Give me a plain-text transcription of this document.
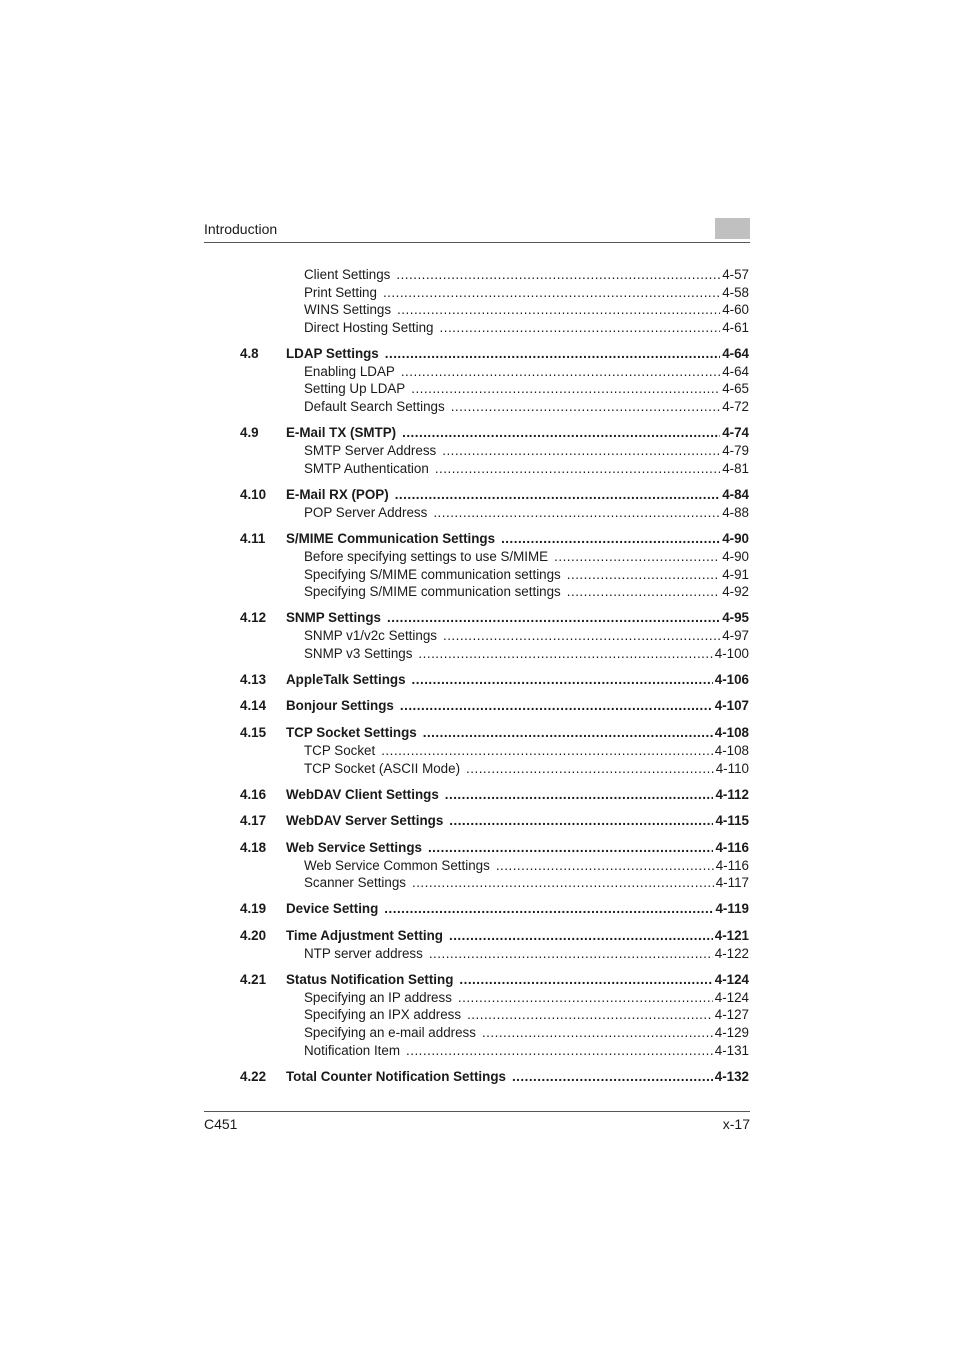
Introduction
Client Settings .....	4-57
Print Setting .....	4-58
WINS Settings .....	4-60
Direct Hosting Setting .....	4-61
4.8	LDAP Settings .....	4-64
Enabling LDAP .....	4-64
Setting Up LDAP .....	4-65
Default Search Settings .....	4-72
4.9	E-Mail TX (SMTP) .....	4-74
SMTP Server Address .....	4-79
SMTP Authentication .....	4-81
4.10	E-Mail RX (POP) .....	4-84
POP Server Address .....	4-88
4.11	S/MIME Communication Settings .....	4-90
Before specifying settings to use S/MIME .....	4-90
Specifying S/MIME communication settings .....	4-91
Specifying S/MIME communication settings .....	4-92
4.12	SNMP Settings .....	4-95
SNMP v1/v2c Settings .....	4-97
SNMP v3 Settings .....	4-100
4.13	AppleTalk Settings .....	4-106
4.14	Bonjour Settings .....	4-107
4.15	TCP Socket Settings .....	4-108
TCP Socket .....	4-108
TCP Socket (ASCII Mode) .....	4-110
4.16	WebDAV Client Settings .....	4-112
4.17	WebDAV Server Settings .....	4-115
4.18	Web Service Settings .....	4-116
Web Service Common Settings .....	4-116
Scanner Settings .....	4-117
4.19	Device Setting .....	4-119
4.20	Time Adjustment Setting .....	4-121
NTP server address .....	4-122
4.21	Status Notification Setting .....	4-124
Specifying an IP address .....	4-124
Specifying an IPX address .....	4-127
Specifying an e-mail address .....	4-129
Notification Item .....	4-131
4.22	Total Counter Notification Settings .....	4-132
C451	x-17
